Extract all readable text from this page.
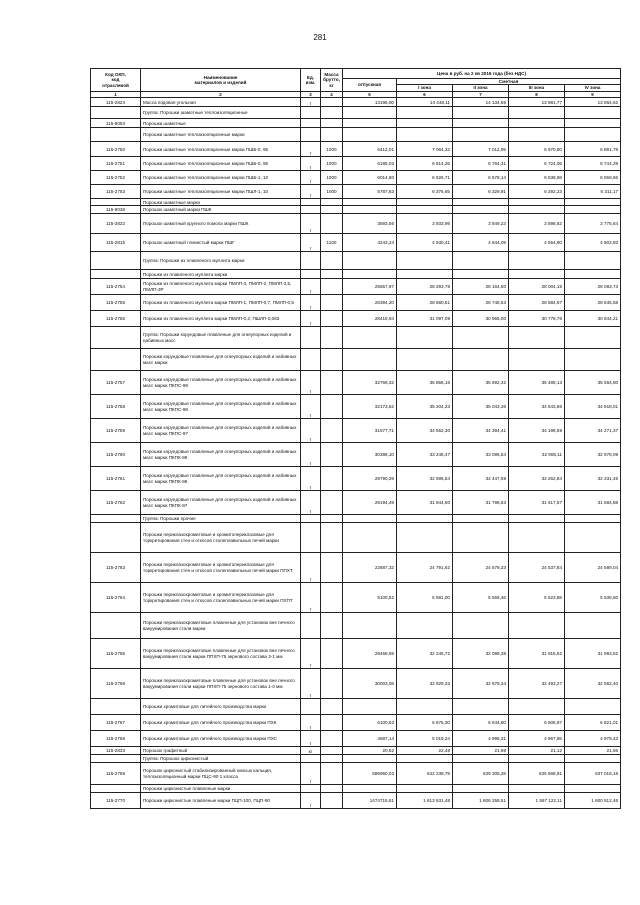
281
Код ОКП,
код
отраслевой	Наименование
материалов и изделий	Ед.
изм.	Масса
брутто,
кг	Цена в руб. на 2 кв 2016 года (без НДС)				
				отпускная	Сметная			
					I зона	II зона	III зона	IV зона
1	2	3	4	5	6	7	8	9
115-2824	Масса подовая угольная	т		13196,00	14 448,11	14 134,65	13 981,77	13 864,62
	Группа: Порошки шамотные теплоизоляционные							
115-9093	Порошки шамотные							
	Порошки шамотные теплоизоляционные марки							
115-2750	Порошки шамотные теплоизоляционные марки ПШБ-0, 95	т	1000	6412,01	7 064,32	7 012,95	6 970,80	6 891,78
115-2751	Порошки шамотные теплоизоляционные марки ПШБ-0, 95	т	1000	6185,03	6 814,26	6 764,31	6 724,06	6 744,29
115-2752	Порошки шамотные теплоизоляционные марки ПШБ-1, 10	т	1000	6014,80	6 626,71	6 578,14	6 538,98	6 558,66
115-2753	Порошки шамотные теплоизоляционные марки ПШЛ-1, 10	т	1000	5787,83	6 376,65	6 329,91	6 292,23	6 311,17
	Порошки шамотные марки							
115-9036	Порошок шамотный марки ПШК							
115-2822	Порошок шамотный крупного помола марки ПШК	т		3593,56	3 933,99	3 849,23	3 698,62	3 775,64
115-2815	Порошок шамотный глинистый марки ПШГ	т	1100	4243,24	4 930,41	4 844,09	4 554,90	4 602,93
	Группа: Порошки из плавленого муллита марки							
	Порошки из плавленого муллита марки							
115-2754	Порошки из плавленого муллита марки ПМЛП-3, ПМЛП-2, ПМЛП-2,5, ПМЛП-3Р	т		25657,97	28 293,78	28 164,50	28 004,15	28 083,73
115-2755	Порошки из плавленого муллита марки ПМЛП-1, ПМЛП-0,7, ПМЛП-0,5	т		26394,20	28 680,51	28 748,53	28 584,67	28 645,58
115-2756	Порошки из плавленого муллита марки ПМЛП-0,2; ПШЛП-0,063	т		28419,94	31 097,09	30 955,00	30 778,76	30 844,21
	Группа: Порошки корундовые плавленые для огнеупорных изделий и набивных масс							
	Порошки корундовые плавленые для огнеупорных изделий и набивных масс марки							
115-2757	Порошки корундовые плавленые для огнеупорных изделий и набивных масс марки ПКПС-99	т		32769,32	35 856,16	35 692,32	35 489,13	35 564,80
115-2758	Порошки корундовые плавленые для огнеупорных изделий и набивных масс марки ПКПС-98	т		32173,52	35 204,23	35 043,36	34 843,86	34 918,01
115-2759	Порошки корундовые плавленые для огнеупорных изделий и набивных масс марки ПКПС-97	т		31577,71	34 552,30	34 394,41	34 198,59	34 271,37
115-2760	Порошки корундовые плавленые для огнеупорных изделий и набивных масс марки ПКПК-99	т		30386,10	33 248,47	33 096,54	32 908,11	32 978,09
115-2761	Порошки корундовые плавленые для огнеупорных изделий и набивных масс марки ПКПК-98	т		29790,29	32 596,54	32 447,59	32 262,84	32 331,45
115-2762	Порошки корундовые плавленые для огнеупорных изделий и набивных масс марки ПКПК-97	т		29194,49	31 944,60	31 798,63	31 617,57	31 684,88
	Группа: Порошки прочие							
	Порошки периклазохромитовые и хромитопериклазовые для торкретирования стен и откосов сталеплавильных печей марки							
115-2763	Порошки периклазохромитовые и хромитопериклазовые для торкретирования стен и откосов сталеплавильных печей марки ППХТ	т		22687,32	24 791,62	24 678,33	24 537,84	24 589,04
115-2764	Порошки периклазохромитовые и хромитопериклазовые для торкретирования стен и откосов сталеплавильных печей марки ПХПТ	т		5100,52	5 581,00	5 555,46	5 523,88	5 535,60
	Порошки периклазохромитовые плавленые для установок вне печного вакуумирования стали марки							
115-2765	Порошки периклазохромитовые плавленые для установок вне печного вакуумирования стали марки ППХП-75 зернового состава 3-1 мм	т		29459,69	32 245,72	32 098,38	31 915,62	31 983,52
115-2766	Порошки периклазохромитовые плавленые для установок вне печного вакуумирования стали марки ППХП-75 зернового состава 1-0 мм	т		30003,08	32 829,33	32 679,34	32 493,27	32 562,40
	Порошки хромитовые для литейного производства марки							
115-2767	Порошки хромитовые для литейного производства марки ПХК	т		6100,63	6 675,30	6 644,80	6 606,97	6 621,01
115-2768	Порошки хромитовые для литейного производства марки ПХС	т		4587,14	5 019,24	4 996,31	4 967,86	4 978,43
115-2833	Порошок графитный	кг		20,52	22,48	21,98	21,12	21,56
	Группа: Порошок цирконистый							
115-2769	Порошок цирконистый стабилизированный окисью кальция, теплоизоляционный марки ПЦС-90 1 класса	т		586950,03	642 238,79	639 305,28	635 668,91	637 018,18
	Порошки цирконистые плавленые марки							
115-2770	Порошки цирконистые плавленые марки ПЦП-100, ПЦП-90	т		1474715,61	1 613 631,48	1 606 258,51	1 597 122,11	1 600 512,46
